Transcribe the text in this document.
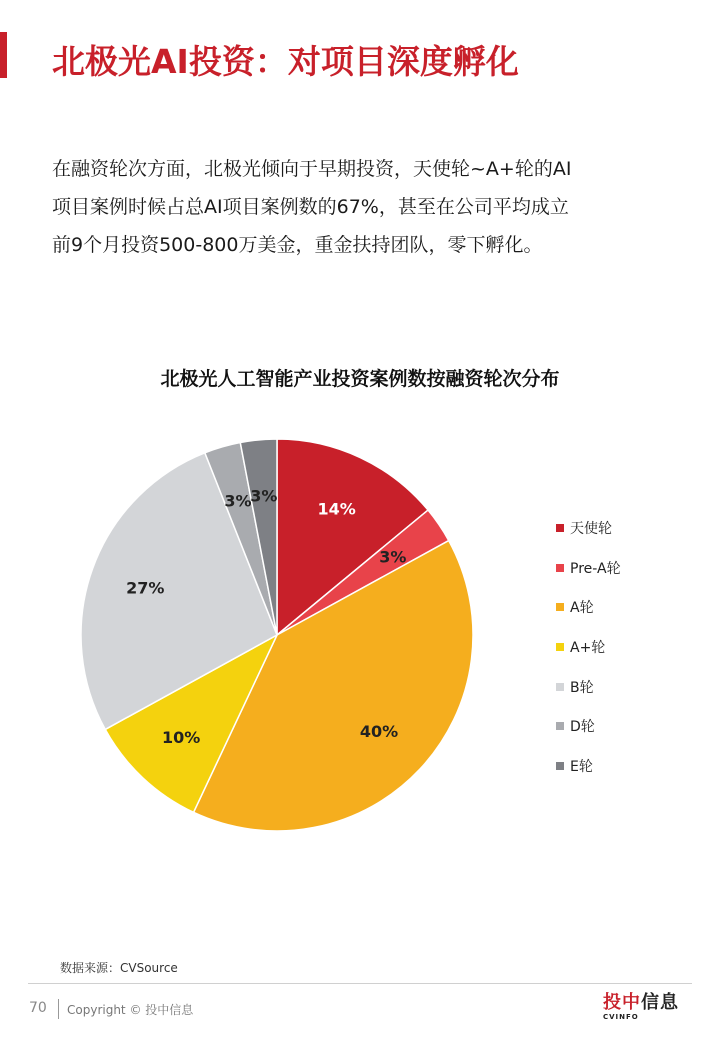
北极光AI投资：对项目深度孵化
在融资轮次方面，北极光倾向于早期投资，天使轮~A+轮的AI
项目案例时候占总AI项目案例数的67%，甚至在公司平均成立
前9个月投资500-800万美金，重金扶持团队，零下孵化。
北极光人工智能产业投资案例数按融资轮次分布
14%
3%
40%
10%
27%
3%
3%
天使轮
Pre-A轮
A轮
A+轮
B轮
D轮
E轮
数据来源：CVSource
70 Copyright © 投中信息	投中信息
CVINFO
